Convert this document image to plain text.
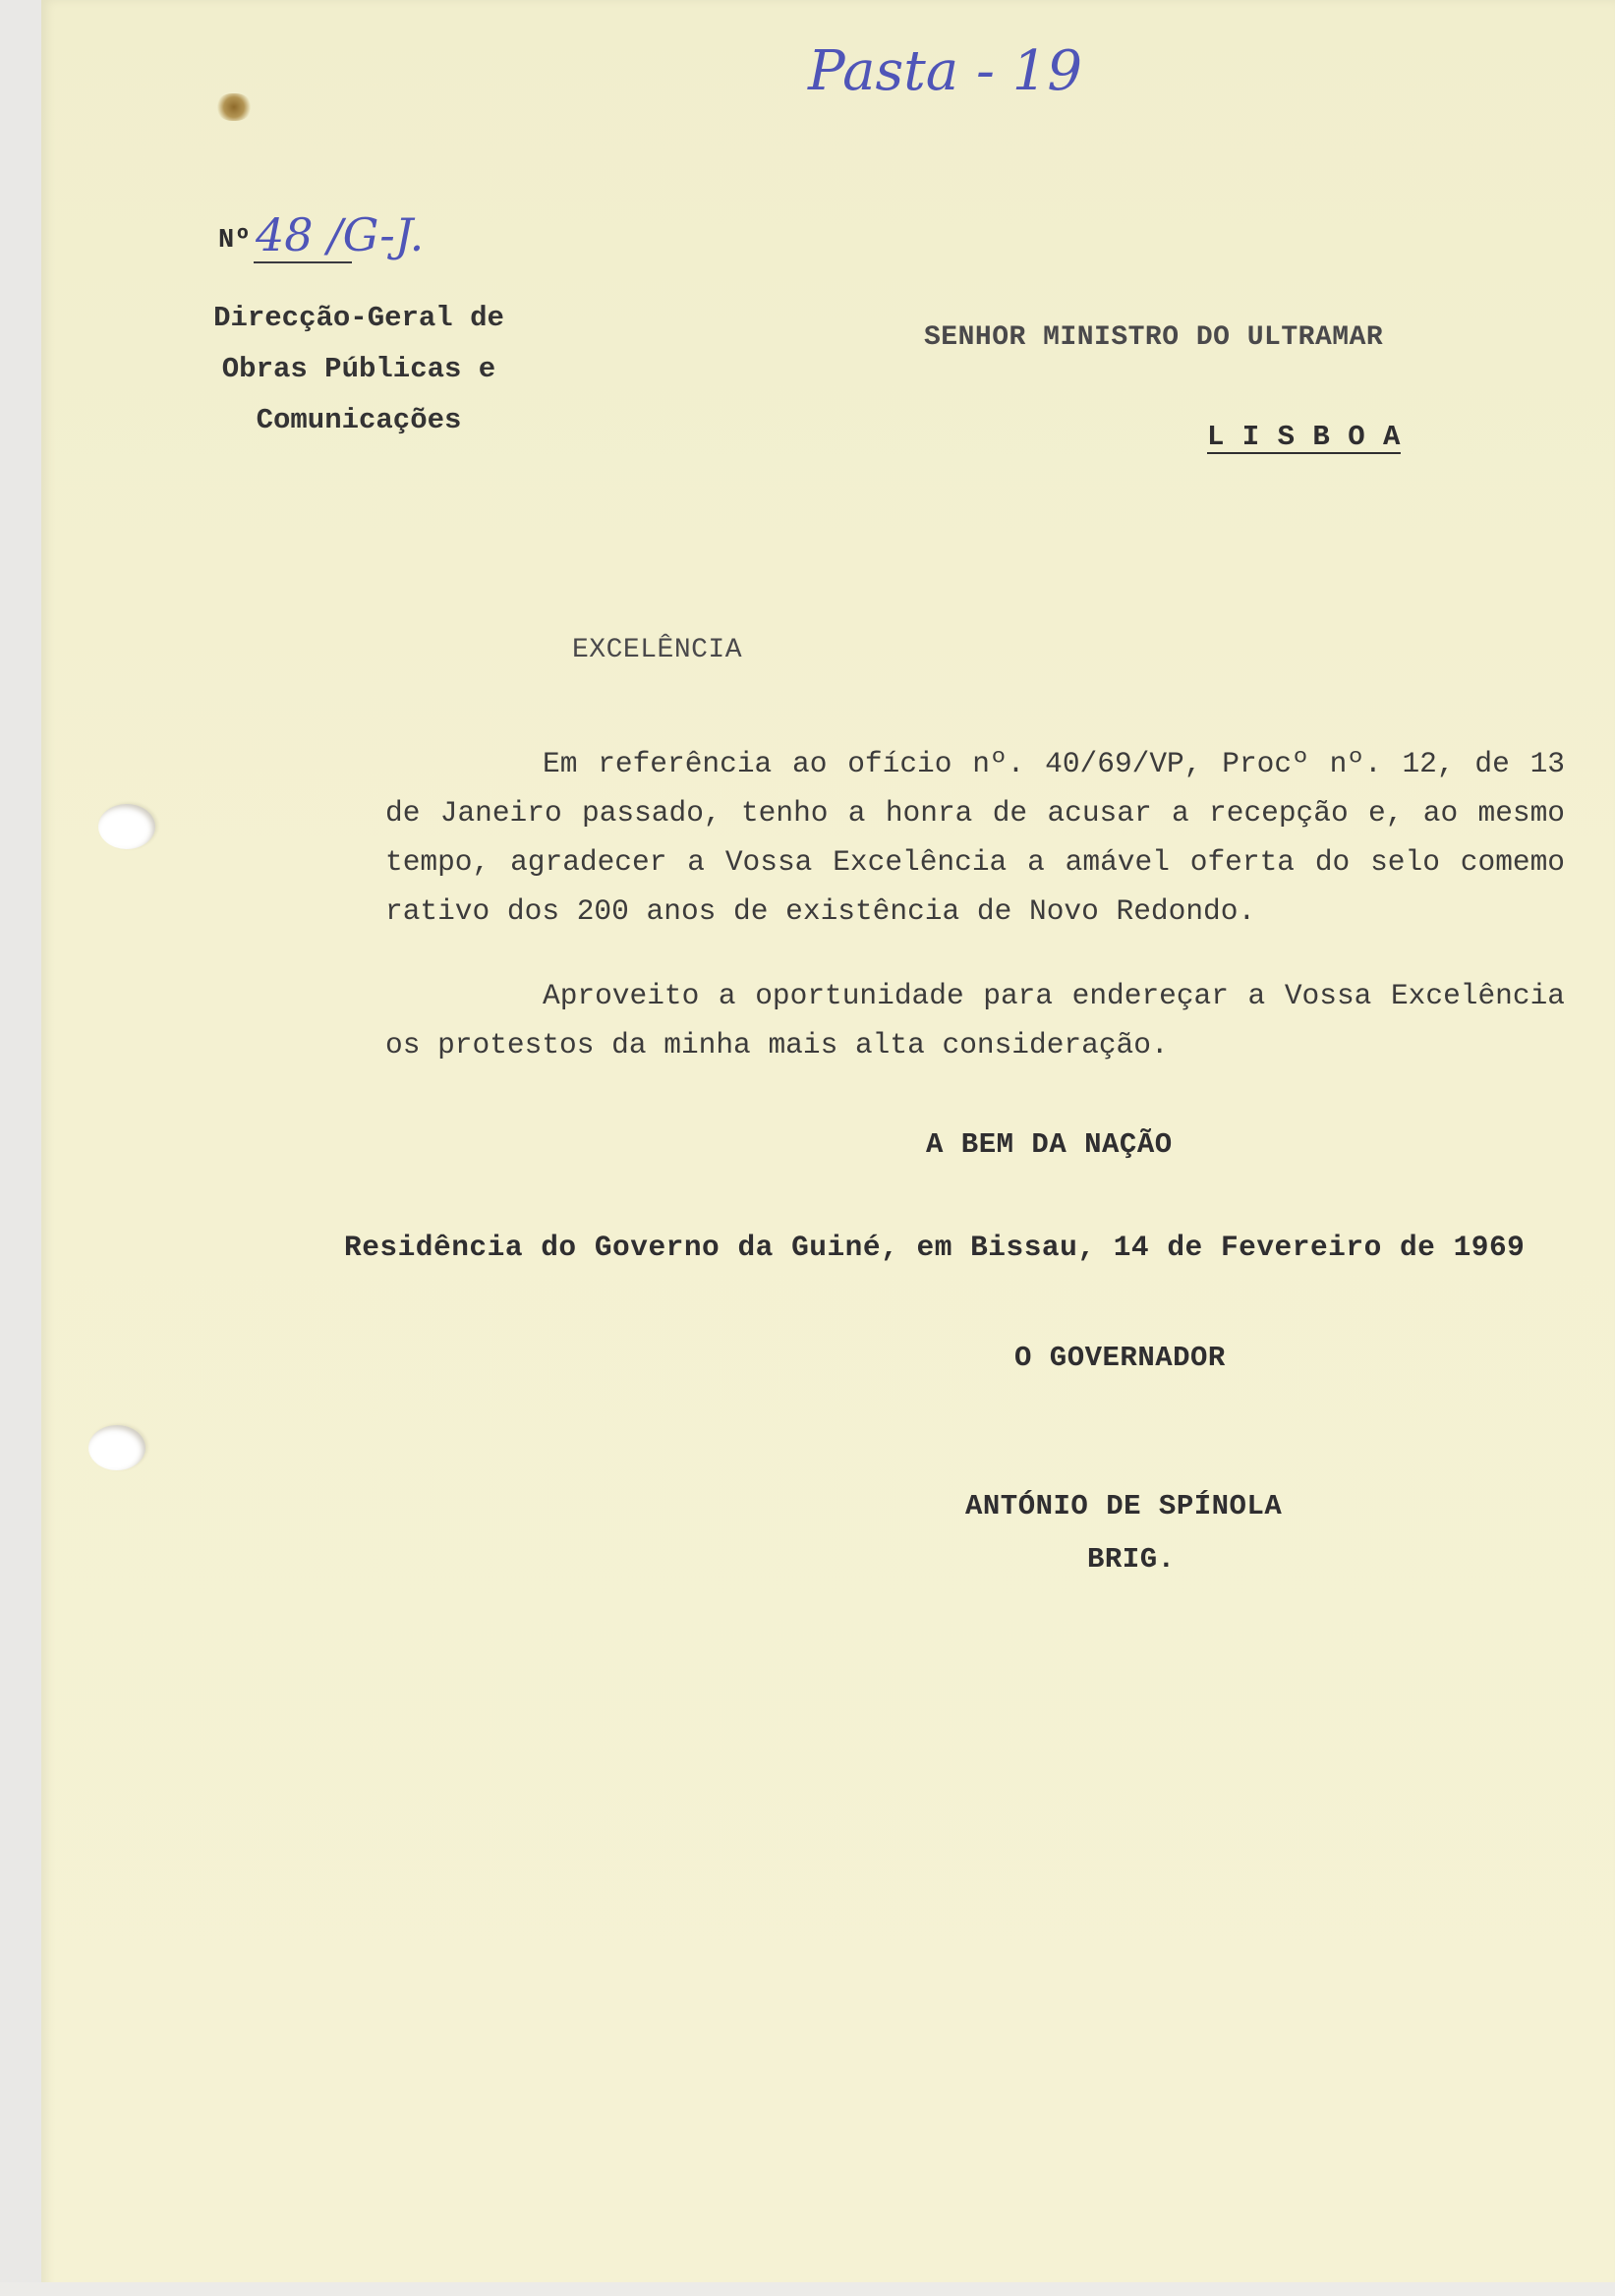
Pasta - 19
Nº 48 /G-J.
Direcção-Geral de
Obras Públicas e
Comunicações
SENHOR MINISTRO DO ULTRAMAR
L I S B O A
EXCELÊNCIA
Em referência ao ofício nº. 40/69/VP, Procº nº. 12, de 13 de Janeiro passado, tenho a honra de acusar a recepção e, ao mesmo tempo, agradecer a Vossa Excelência a amável oferta do selo comemo rativo dos 200 anos de existência de Novo Redondo.
Aproveito a oportunidade para endereçar a Vossa Excelência os protestos da minha mais alta consideração.
A BEM DA NAÇÃO
Residência do Governo da Guiné, em Bissau, 14 de Fevereiro de 1969
O GOVERNADOR
ANTÓNIO DE SPÍNOLA
BRIG.
